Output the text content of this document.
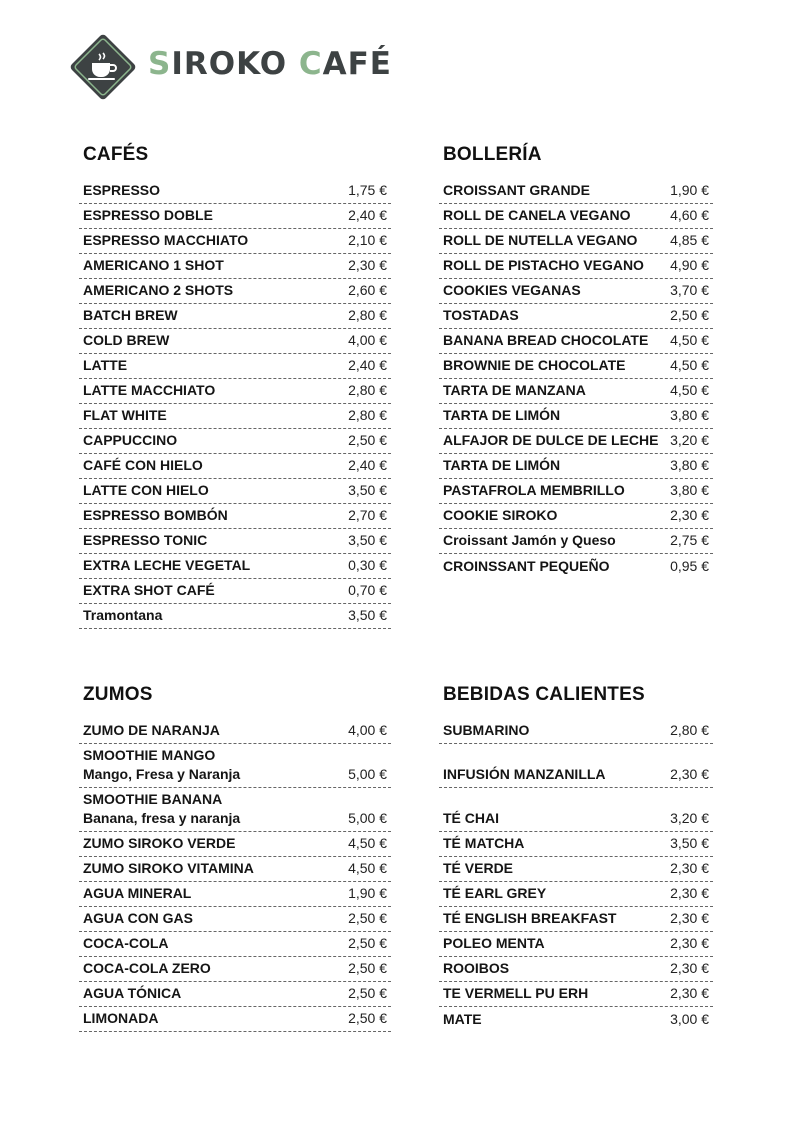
SIROKO CAFÉ
CAFÉS
ESPRESSO	1,75 €
ESPRESSO DOBLE	2,40 €
ESPRESSO MACCHIATO	2,10 €
AMERICANO 1 SHOT	2,30 €
AMERICANO 2 SHOTS	2,60 €
BATCH BREW	2,80 €
COLD BREW	4,00 €
LATTE	2,40 €
LATTE MACCHIATO	2,80 €
FLAT WHITE	2,80 €
CAPPUCCINO	2,50 €
CAFÉ CON HIELO	2,40 €
LATTE CON HIELO	3,50 €
ESPRESSO BOMBÓN	2,70 €
ESPRESSO TONIC	3,50 €
EXTRA LECHE VEGETAL	0,30 €
EXTRA SHOT CAFÉ	0,70 €
Tramontana	3,50 €
BOLLERÍA
CROISSANT GRANDE	1,90 €
ROLL DE CANELA VEGANO	4,60 €
ROLL DE NUTELLA VEGANO	4,85 €
ROLL DE PISTACHO VEGANO	4,90 €
COOKIES VEGANAS	3,70 €
TOSTADAS	2,50 €
BANANA BREAD CHOCOLATE	4,50 €
BROWNIE DE CHOCOLATE	4,50 €
TARTA DE MANZANA	4,50 €
TARTA DE LIMÓN	3,80 €
ALFAJOR DE DULCE DE LECHE 3,20 €
TARTA DE LIMÓN	3,80 €
PASTAFROLA MEMBRILLO	3,80 €
COOKIE SIROKO	2,30 €
Croissant Jamón y Queso	2,75 €
CROINSSANT PEQUEÑO	0,95 €
ZUMOS
ZUMO DE NARANJA	4,00 €
SMOOTHIE MANGO
Mango, Fresa y Naranja	5,00 €
SMOOTHIE BANANA
Banana, fresa y naranja	5,00 €
ZUMO SIROKO VERDE	4,50 €
ZUMO SIROKO VITAMINA	4,50 €
AGUA MINERAL	1,90 €
AGUA CON GAS	2,50 €
COCA-COLA	2,50 €
COCA-COLA ZERO	2,50 €
AGUA TÓNICA	2,50 €
LIMONADA	2,50 €
BEBIDAS CALIENTES
SUBMARINO	2,80 €
INFUSIÓN MANZANILLA	2,30 €
TÉ CHAI	3,20 €
TÉ MATCHA	3,50 €
TÉ VERDE	2,30 €
TÉ EARL GREY	2,30 €
TÉ ENGLISH BREAKFAST	2,30 €
POLEO MENTA	2,30 €
ROOIBOS	2,30 €
TE VERMELL PU ERH	2,30 €
MATE	3,00 €
